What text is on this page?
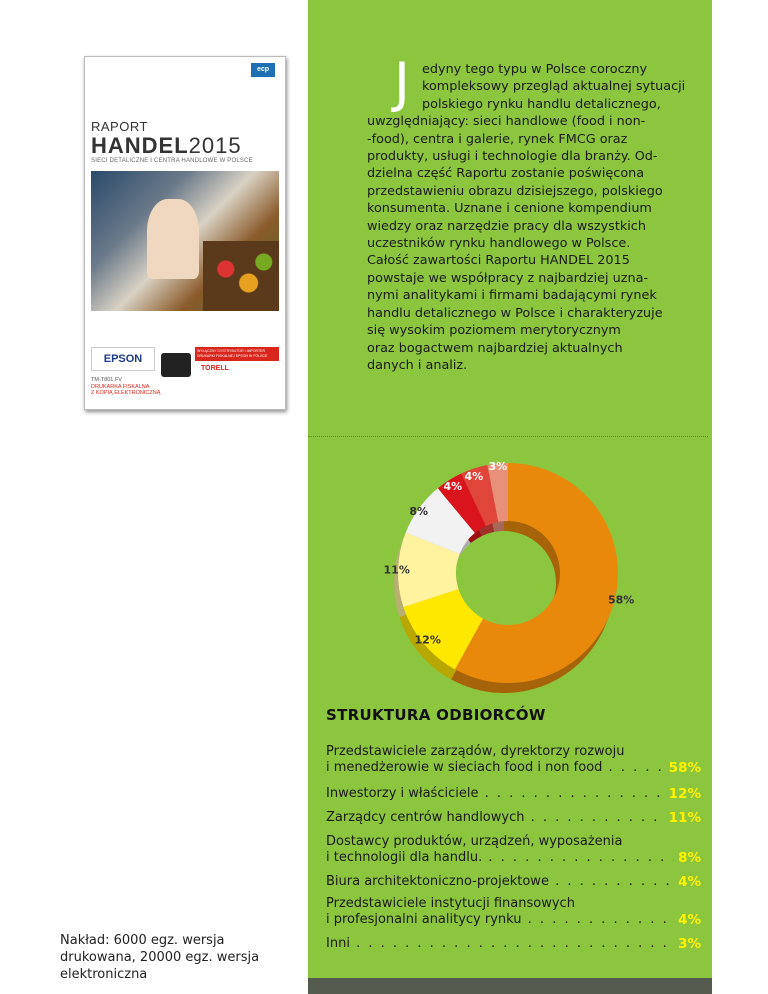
ecp
RAPORT
HANDEL2015
SIECI DETALICZNE I CENTRA HANDLOWE W POLSCE
EPSON
WYŁĄCZNY DYSTRYBUTOR I IMPORTER DRUKARKI FISKALNEJ EPSON W POLSCE
TORELL
TM-T801 FV
DRUKARKA FISKALNA
Z KOPIĄ ELEKTRONICZNĄ
J edyny tego typu w Polsce coroczny
kompleksowy przegląd aktualnej sytuacji
polskiego rynku handlu detalicznego,
uwzględniający: sieci handlowe (food i non-
-food), centra i galerie, rynek FMCG oraz
produkty, usługi i technologie dla branży. Od-
dzielna część Raportu zostanie poświęcona
przedstawieniu obrazu dzisiejszego, polskiego
konsumenta. Uznane i cenione kompendium
wiedzy oraz narzędzie pracy dla wszystkich
uczestników rynku handlowego w Polsce.
Całość zawartości Raportu HANDEL 2015
powstaje we współpracy z najbardziej uzna-
nymi analitykami i firmami badającymi rynek
handlu detalicznego w Polsce i charakteryzuje
się wysokim poziomem merytorycznym
oraz bogactwem najbardziej aktualnych
danych i analiz.
58%
12%
11%
8%
4%
4%
3%
STRUKTURA ODBIORCÓW
Przedstawiciele zarządów, dyrektorzy rozwoju
i menedżerowie w sieciach food i non food . . .	58%
Inwestorzy i właściciele . . .	12%
Zarządcy centrów handlowych . . .	11%
Dostawcy produktów, urządzeń, wyposażenia
i technologii dla handlu. . . .	8%
Biura architektoniczno-projektowe . . .	4%
Przedstawiciele instytucji finansowych
i profesjonalni analitycy rynku . . .	4%
Inni . . .	3%
Nakład: 6000 egz. wersja drukowana, 20000 egz. wersja elektroniczna
